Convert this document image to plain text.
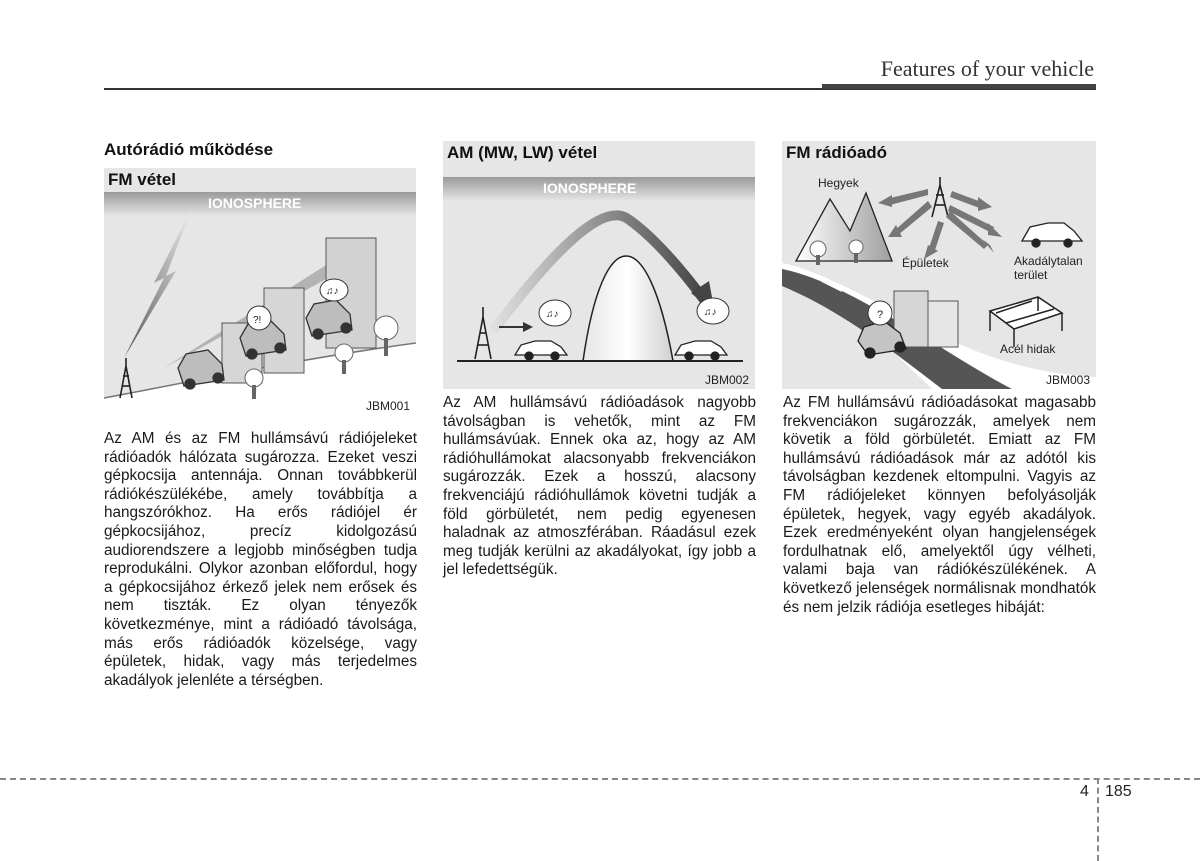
Features of your vehicle
Autórádió működése
IONOSPHERE
?!
♫♪
JBM001
FM vétel
Az AM és az FM hullámsávú rádiójeleket rádióadók hálózata sugározza. Ezeket veszi gépkocsija antennája. Onnan továbbkerül rádiókészülékébe, amely továbbítja a hangszórókhoz. Ha erős rádiójel ér gépkocsijához, precíz kidolgozású audiorendszere a legjobb minőségben tudja reprodukálni. Olykor azonban előfordul, hogy a gépkocsijához érkező jelek nem erősek és nem tiszták. Ez olyan tényezők következménye, mint a rádióadó távolsága, más erős rádióadók közelsége, vagy épületek, hidak, vagy más terjedelmes akadályok jelenléte a térségben.
IONOSPHERE
♫♪	♫♪
JBM002
AM (MW, LW) vétel
Az AM hullámsávú rádióadások nagyobb távolságban is vehetők, mint az FM hullámsávúak. Ennek oka az, hogy az AM rádióhullámokat alacsonyabb frekvenciákon sugározzák. Ezek a hosszú, alacsony frekvenciájú rádióhullámok követni tudják a föld görbületét, nem pedig egyenesen haladnak az atmoszférában. Ráadásul ezek meg tudják kerülni az akadályokat, így jobb a jel lefedettségük.
Hegyek
Épületek	Akadálytalan
terület
Acél hidak
?
JBM003
FM rádióadó
Az FM hullámsávú rádióadásokat magasabb frekvenciákon sugározzák, amelyek nem követik a föld görbületét. Emiatt az FM hullámsávú rádióadások már az adótól kis távolságban kezdenek eltompulni. Vagyis az FM rádiójeleket könnyen befolyásolják épületek, hegyek, vagy egyéb akadályok. Ezek eredményeként olyan hangjelenségek fordulhatnak elő, amelyektől úgy vélheti, valami baja van rádiókészülékének. A következő jelenségek normálisnak mondhatók és nem jelzik rádiója esetleges hibáját:
4 185
